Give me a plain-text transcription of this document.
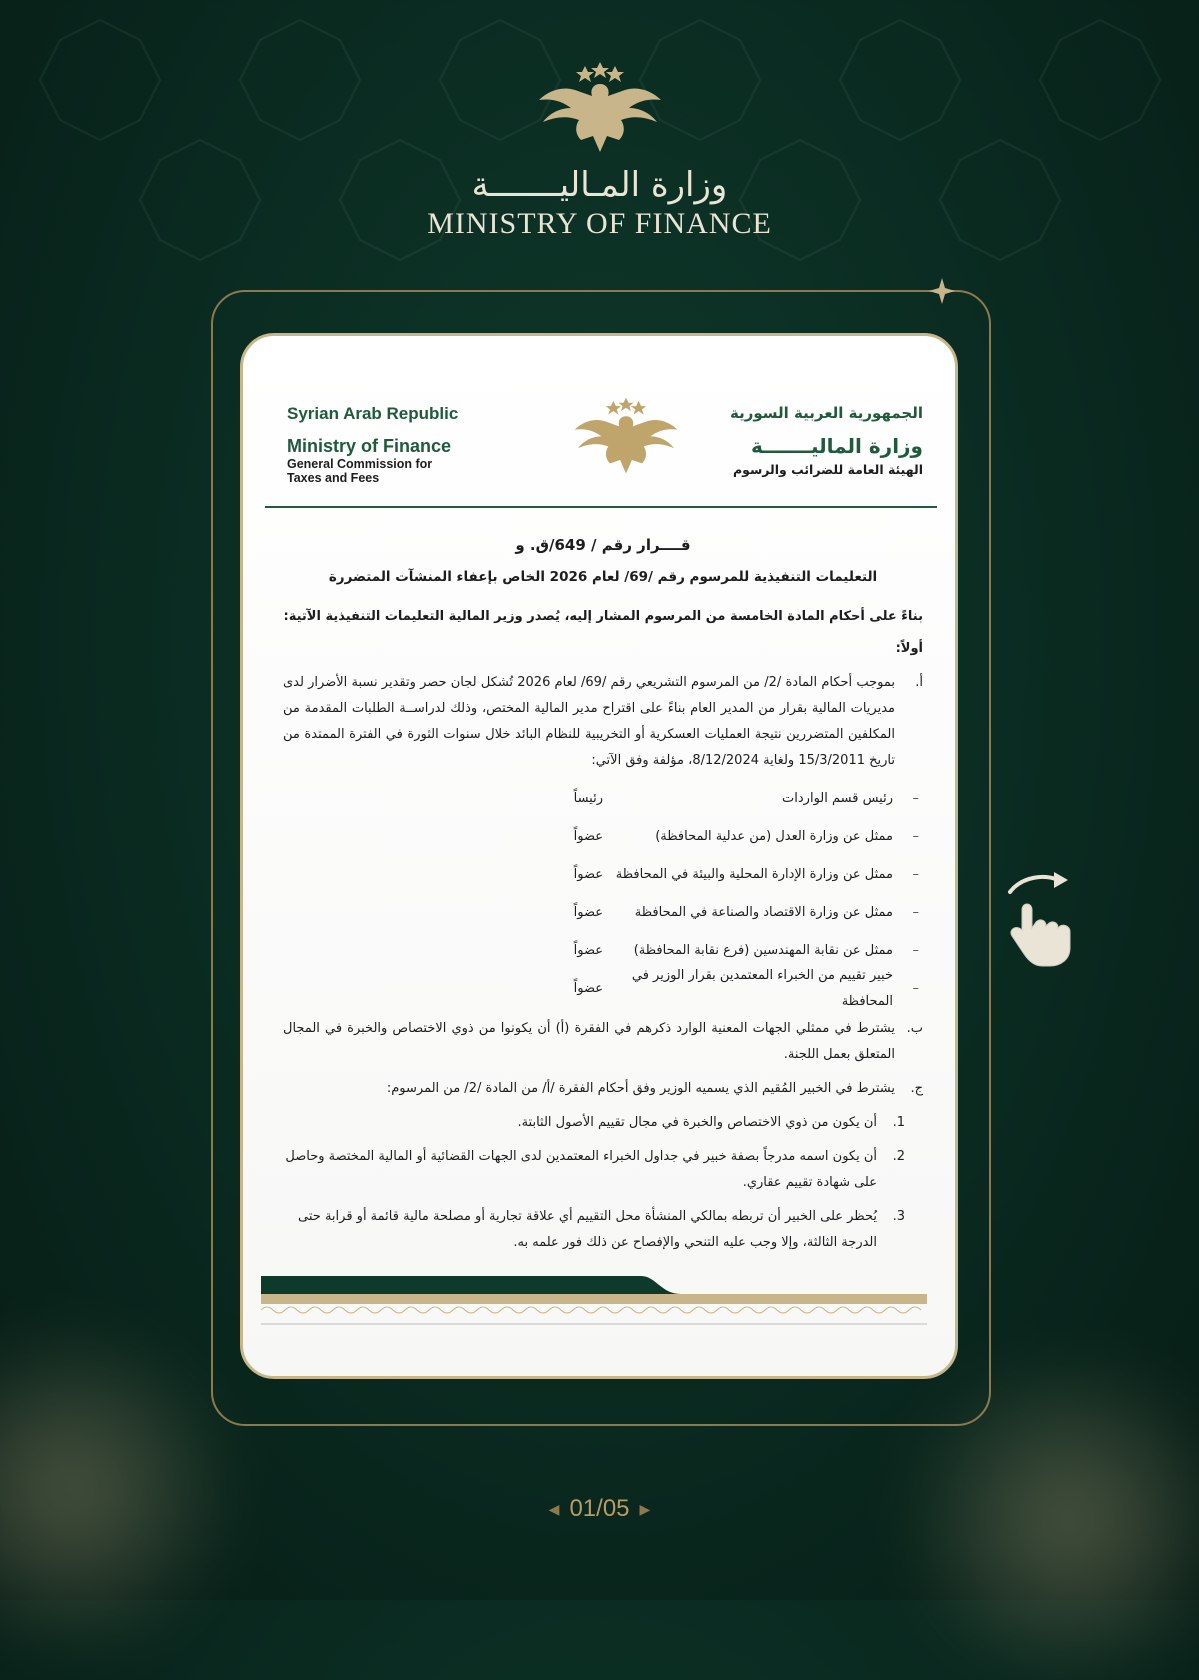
وزارة المـاليـــــــة
MINISTRY OF FINANCE
Syrian Arab Republic
Ministry of Finance
General Commission for
Taxes and Fees
الجمهورية العربية السورية
وزارة الماليـــــــة
الهيئة العامة للضرائب والرسوم
قــــرار رقم / 649/ق. و
التعليمات التنفيذية للمرسوم رقم /69/ لعام 2026 الخاص بإعفاء المنشآت المتضررة
بناءً على أحكام المادة الخامسة من المرسوم المشار إليه، يُصدر وزير المالية التعليمات التنفيذية الآتية:
أولاً:
أ.
بموجب أحكام المادة /2/ من المرسوم التشريعي رقم /69/ لعام 2026 تُشكل لجان حصر وتقدير نسبة الأضرار لدى مديريات المالية بقرار من المدير العام بناءً على اقتراح مدير المالية المختص، وذلك لدراســة الطلبات المقدمة من المكلفين المتضررين نتيجة العمليات العسكرية أو التخريبية للنظام البائد خلال سنوات الثورة في الفترة الممتدة من تاريخ 15/3/2011 ولغاية 8/12/2024، مؤلفة وفق الآتي:
–
رئيس قسم الواردات
رئيساً
–
ممثل عن وزارة العدل (من عدلية المحافظة)
عضواً
–
ممثل عن وزارة الإدارة المحلية والبيئة في المحافظة
عضواً
–
ممثل عن وزارة الاقتصاد والصناعة في المحافظة
عضواً
–
ممثل عن نقابة المهندسين (فرع نقابة المحافظة)
عضواً
–
خبير تقييم من الخبراء المعتمدين بقرار الوزير في المحافظة
عضواً
ب.
يشترط في ممثلي الجهات المعنية الوارد ذكرهم في الفقرة (أ) أن يكونوا من ذوي الاختصاص والخبرة في المجال المتعلق بعمل اللجنة.
ج.
يشترط في الخبير المُقيم الذي يسميه الوزير وفق أحكام الفقرة /أ/ من المادة /2/ من المرسوم:
1.
أن يكون من ذوي الاختصاص والخبرة في مجال تقييم الأصول الثابتة.
2.
أن يكون اسمه مدرجاً بصفة خبير في جداول الخبراء المعتمدين لدى الجهات القضائية أو المالية المختصة وحاصل على شهادة تقييم عقاري.
3.
يُحظر على الخبير أن تربطه بمالكي المنشأة محل التقييم أي علاقة تجارية أو مصلحة مالية قائمة أو قرابة حتى الدرجة الثالثة، وإلا وجب عليه التنحي والإفصاح عن ذلك فور علمه به.
◀ 01/05 ▶
